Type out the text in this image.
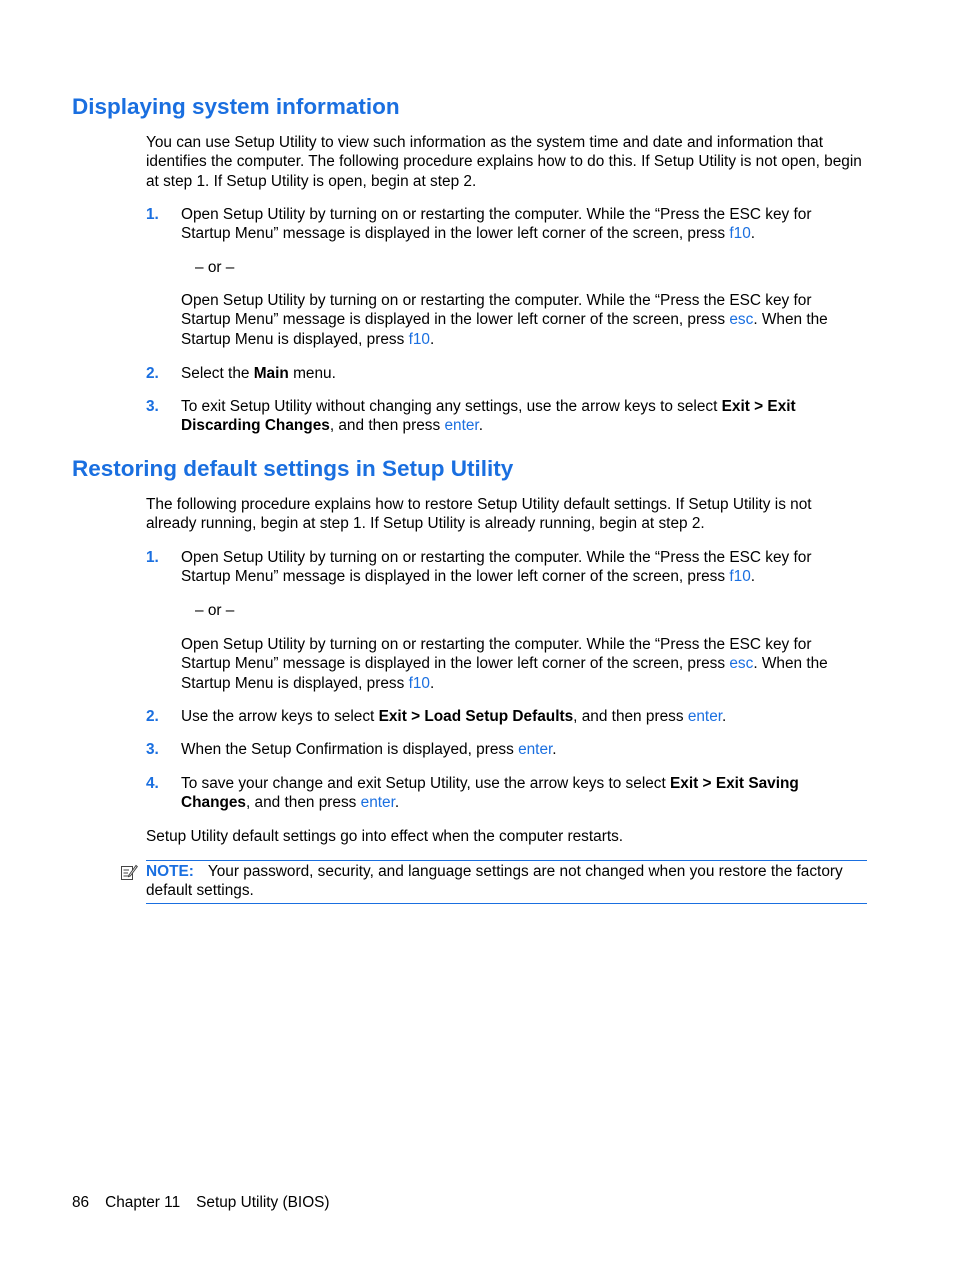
Displaying system information

You can use Setup Utility to view such information as the system time and date and information that identifies the computer. The following procedure explains how to do this. If Setup Utility is not open, begin at step 1. If Setup Utility is open, begin at step 2.

1. Open Setup Utility by turning on or restarting the computer. While the “Press the ESC key for Startup Menu” message is displayed in the lower left corner of the screen, press f10.

– or –

Open Setup Utility by turning on or restarting the computer. While the “Press the ESC key for Startup Menu” message is displayed in the lower left corner of the screen, press esc. When the Startup Menu is displayed, press f10.

2. Select the Main menu.
3. To exit Setup Utility without changing any settings, use the arrow keys to select Exit > Exit Discarding Changes, and then press enter.
Restoring default settings in Setup Utility

The following procedure explains how to restore Setup Utility default settings. If Setup Utility is not already running, begin at step 1. If Setup Utility is already running, begin at step 2.

1. Open Setup Utility by turning on or restarting the computer. While the “Press the ESC key for Startup Menu” message is displayed in the lower left corner of the screen, press f10.

– or –

Open Setup Utility by turning on or restarting the computer. While the “Press the ESC key for Startup Menu” message is displayed in the lower left corner of the screen, press esc. When the Startup Menu is displayed, press f10.

2. Use the arrow keys to select Exit > Load Setup Defaults, and then press enter.
3. When the Setup Confirmation is displayed, press enter.
4. To save your change and exit Setup Utility, use the arrow keys to select Exit > Exit Saving Changes, and then press enter.

Setup Utility default settings go into effect when the computer restarts.

NOTE: Your password, security, and language settings are not changed when you restore the factory default settings.
86 Chapter 11 Setup Utility (BIOS)
